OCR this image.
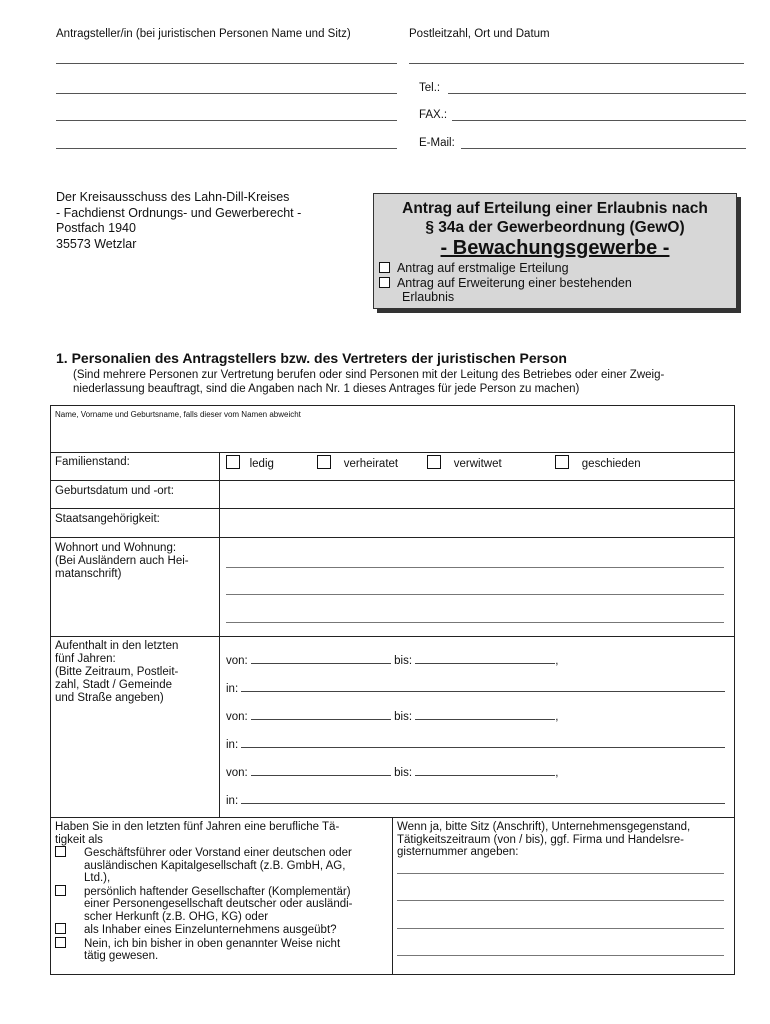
Antragsteller/in (bei juristischen Personen Name und Sitz)	Postleitzahl, Ort und Datum
Tel.:
FAX.:
E-Mail:
Der Kreisausschuss des Lahn-Dill-Kreises
- Fachdienst Ordnungs- und Gewerberecht -
Postfach 1940
35573 Wetzlar
Antrag auf Erteilung einer Erlaubnis nach
§ 34a der Gewerbeordnung (GewO)
- Bewachungsgewerbe -
Antrag auf erstmalige Erteilung
Antrag auf Erweiterung einer bestehenden
Erlaubnis
1. Personalien des Antragstellers bzw. des Vertreters der juristischen Person
(Sind mehrere Personen zur Vertretung berufen oder sind Personen mit der Leitung des Betriebes oder einer Zweig-
niederlassung beauftragt, sind die Angaben nach Nr. 1 dieses Antrages für jede Person zu machen)
Name, Vorname und Geburtsname, falls dieser vom Namen abweicht
Familienstand:	ledig	verheiratet	verwitwet	geschieden
Geburtsdatum und -ort:
Staatsangehörigkeit:
Wohnort und Wohnung:
(Bei Ausländern auch Hei-
matanschrift)
Aufenthalt in den letzten
fünf Jahren:
(Bitte Zeitraum, Postleit-
zahl, Stadt / Gemeinde
und Straße angeben)
von:	bis:	,
in:
von:	bis:	,
in:
von:	bis:	,
in:
Haben Sie in den letzten fünf Jahren eine berufliche Tä-
tigkeit als
Geschäftsführer oder Vorstand einer deutschen oder
ausländischen Kapitalgesellschaft (z.B. GmbH, AG,
Ltd.),
persönlich haftender Gesellschafter (Komplementär)
einer Personengesellschaft deutscher oder ausländi-
scher Herkunft (z.B. OHG, KG) oder
als Inhaber eines Einzelunternehmens ausgeübt?
Nein, ich bin bisher in oben genannter Weise nicht
tätig gewesen.
Wenn ja, bitte Sitz (Anschrift), Unternehmensgegenstand,
Tätigkeitszeitraum (von / bis), ggf. Firma und Handelsre-
gisternummer angeben:
